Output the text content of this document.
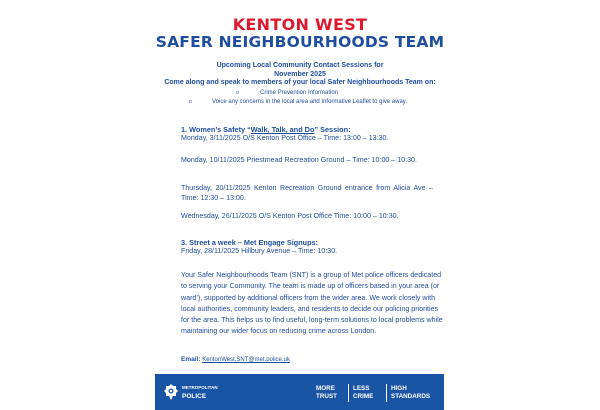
KENTON WEST
SAFER NEIGHBOURHOODS TEAM
Upcoming Local Community Contact Sessions for
November 2025
Come along and speak to members of your local Safer Neighbourhoods Team on:
o	Crime Prevention Information
o	Voice any concerns in the local area and Informative Leaflet to give away.
1. Women’s Safety “Walk, Talk, and Do” Session:
Monday, 3/11/2025 O/S Kenton Post Office – Time: 13:00 – 13:30.
Monday, 10/11/2025 Priestmead Recreation Ground – Time: 10:00 – 10:30.
Thursday, 20/11/2025 Kenton Recreation Ground entrance from Alicia Ave – Time: 12:30 – 13:00.
Wednesday, 26/11/2025 O/S Kenton Post Office Time: 10:00 – 10:30.
3. Street a week – Met Engage Signups:
Friday, 28/11/2025 Hillbury Avenue – Time: 10:30.
Your Safer Neighbourhoods Team (SNT) is a group of Met police officers dedicated to serving your Community. The team is made up of officers based in your area (or ward’), supported by additional officers from the wider area. We work closely with local authorities, community leaders, and residents to decide our policing priorities for the area. This helps us to find useful, long-term solutions to local problems while maintaining our wider focus on reducing crime across London.
Email: KentonWest.SNT@met.police.uk
METROPOLITAN
POLICE
MORE
TRUST
LESS
CRIME
HIGH
STANDARDS
